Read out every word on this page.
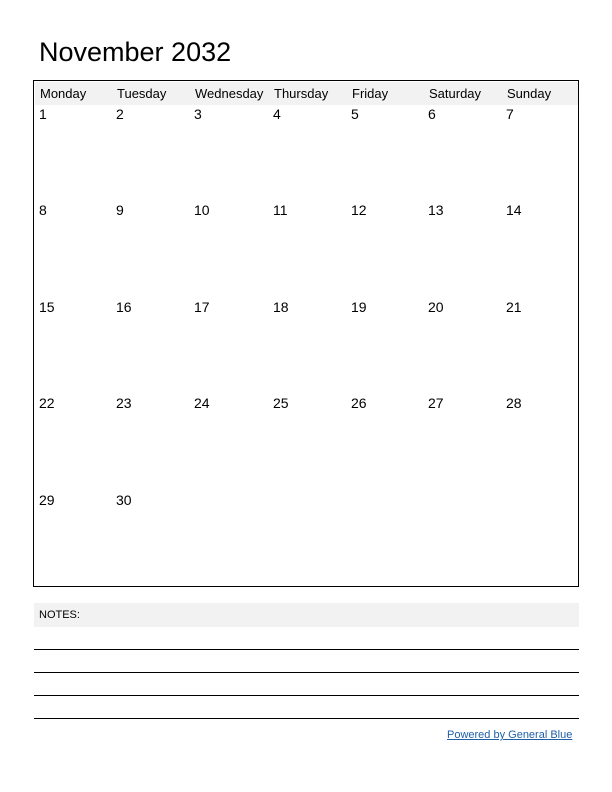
November 2032
Monday Tuesday Wednesday Thursday Friday	Saturday Sunday
1	2	3	4	5	6	7
8	9	10	11	12	13	14
15	16	17	18	19	20	21
22	23	24	25	26	27	28
29	30
NOTES:
Powered by General Blue
